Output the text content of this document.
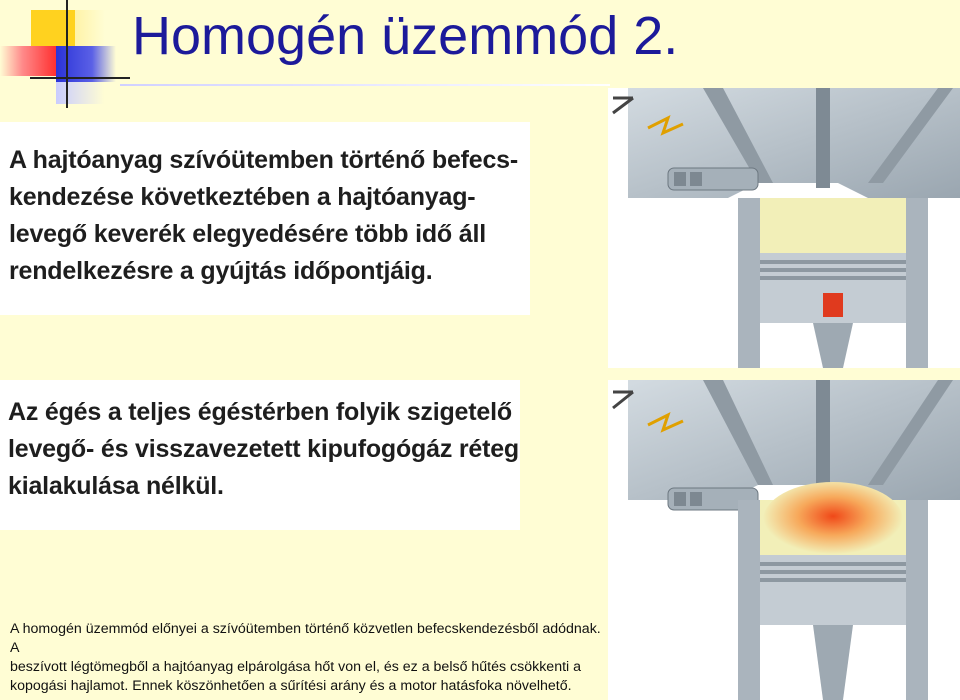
Homogén üzemmód 2.
A hajtóanyag szívóütemben történő befecs-
kendezése következtében a hajtóanyag-
levegő keverék elegyedésére több idő áll
rendelkezésre a gyújtás időpontjáig.
Az égés a teljes égéstérben folyik szigetelő
levegő- és visszavezetett kipufogógáz réteg
kialakulása nélkül.
A homogén üzemmód előnyei a szívóütemben történő közvetlen befecskendezésből adódnak. A
beszívott légtömegből a hajtóanyag elpárolgása hőt von el, és ez a belső hűtés csökkenti a
kopogási hajlamot. Ennek köszönhetően a sűrítési arány és a motor hatásfoka növelhető.
